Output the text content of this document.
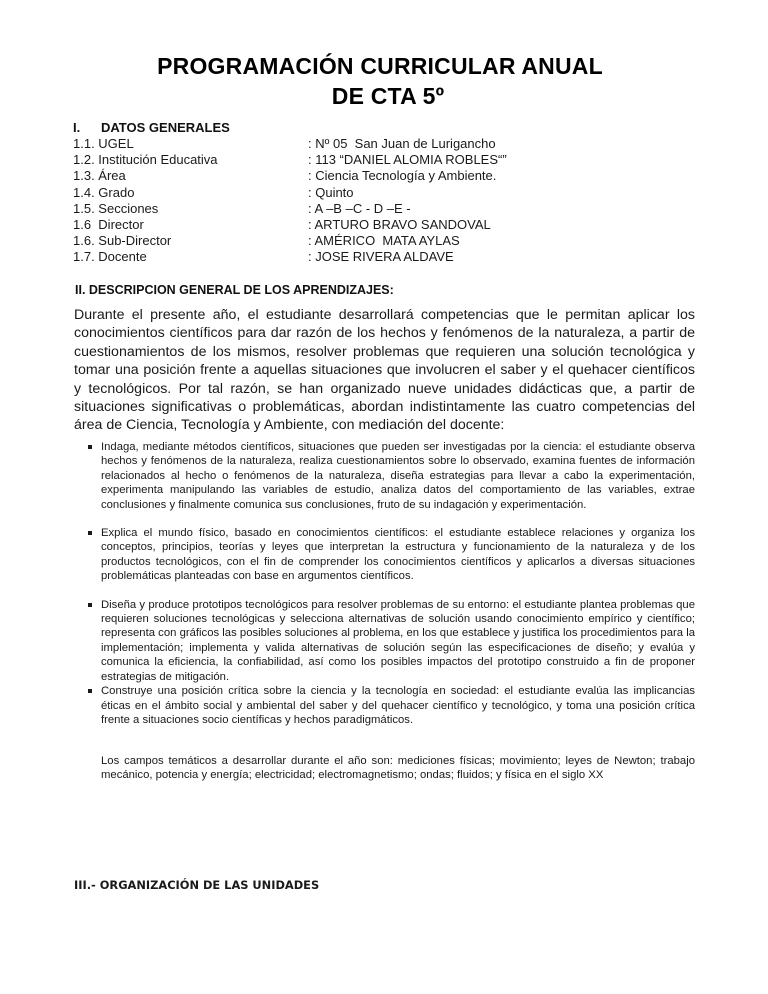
PROGRAMACIÓN CURRICULAR ANUAL
DE CTA 5º
I. DATOS GENERALES
1.1. UGEL	: Nº 05  San Juan de Lurigancho
1.2. Institución Educativa	: 113 “DANIEL ALOMIA ROBLES“”
1.3. Área	: Ciencia Tecnología y Ambiente.
1.4. Grado	: Quinto
1.5. Secciones	: A –B –C - D –E -
1.6  Director	: ARTURO BRAVO SANDOVAL
1.6. Sub-Director	: AMÉRICO  MATA AYLAS
1.7. Docente	: JOSE RIVERA ALDAVE
II. DESCRIPCION GENERAL DE LOS APRENDIZAJES:
Durante el presente año, el estudiante desarrollará competencias que le permitan aplicar los conocimientos científicos para dar razón de los hechos y fenómenos de la naturaleza, a partir de cuestionamientos de los mismos, resolver problemas que requieren una solución tecnológica y tomar una posición frente a aquellas situaciones que involucren el saber y el quehacer científicos y tecnológicos. Por tal razón, se han organizado nueve unidades didácticas que, a partir de situaciones significativas o problemáticas, abordan indistintamente las cuatro competencias del área de Ciencia, Tecnología y Ambiente, con mediación del docente:
Indaga, mediante métodos científicos, situaciones que pueden ser investigadas por la ciencia: el estudiante observa hechos y fenómenos de la naturaleza, realiza cuestionamientos sobre lo observado, examina fuentes de información relacionados al hecho o fenómenos de la naturaleza, diseña estrategias para llevar a cabo la experimentación, experimenta manipulando las variables de estudio, analiza datos del comportamiento de las variables, extrae conclusiones y finalmente comunica sus conclusiones, fruto de su indagación y experimentación.
Explica el mundo físico, basado en conocimientos científicos: el estudiante establece relaciones y organiza los conceptos, principios, teorías y leyes que interpretan la estructura y funcionamiento de la naturaleza y de los productos tecnológicos, con el fin de comprender los conocimientos científicos y aplicarlos a diversas situaciones problemáticas planteadas con base en argumentos científicos.
Diseña y produce prototipos tecnológicos para resolver problemas de su entorno: el estudiante plantea problemas que requieren soluciones tecnológicas y selecciona alternativas de solución usando conocimiento empírico y científico; representa con gráficos las posibles soluciones al problema, en los que establece y justifica los procedimientos para la implementación; implementa y valida alternativas de solución según las especificaciones de diseño; y evalúa y comunica la eficiencia, la confiabilidad, así como los posibles impactos del prototipo construido a fin de proponer estrategias de mitigación.
Construye una posición crítica sobre la ciencia y la tecnología en sociedad: el estudiante evalúa las implicancias éticas en el ámbito social y ambiental del saber y del quehacer científico y tecnológico, y toma una posición crítica frente a situaciones socio científicas y hechos paradigmáticos.
Los campos temáticos a desarrollar durante el año son: mediciones físicas; movimiento; leyes de Newton; trabajo mecánico, potencia y energía; electricidad; electromagnetismo; ondas; fluidos; y física en el siglo XX
III.- ORGANIZACIÓN DE LAS UNIDADES
